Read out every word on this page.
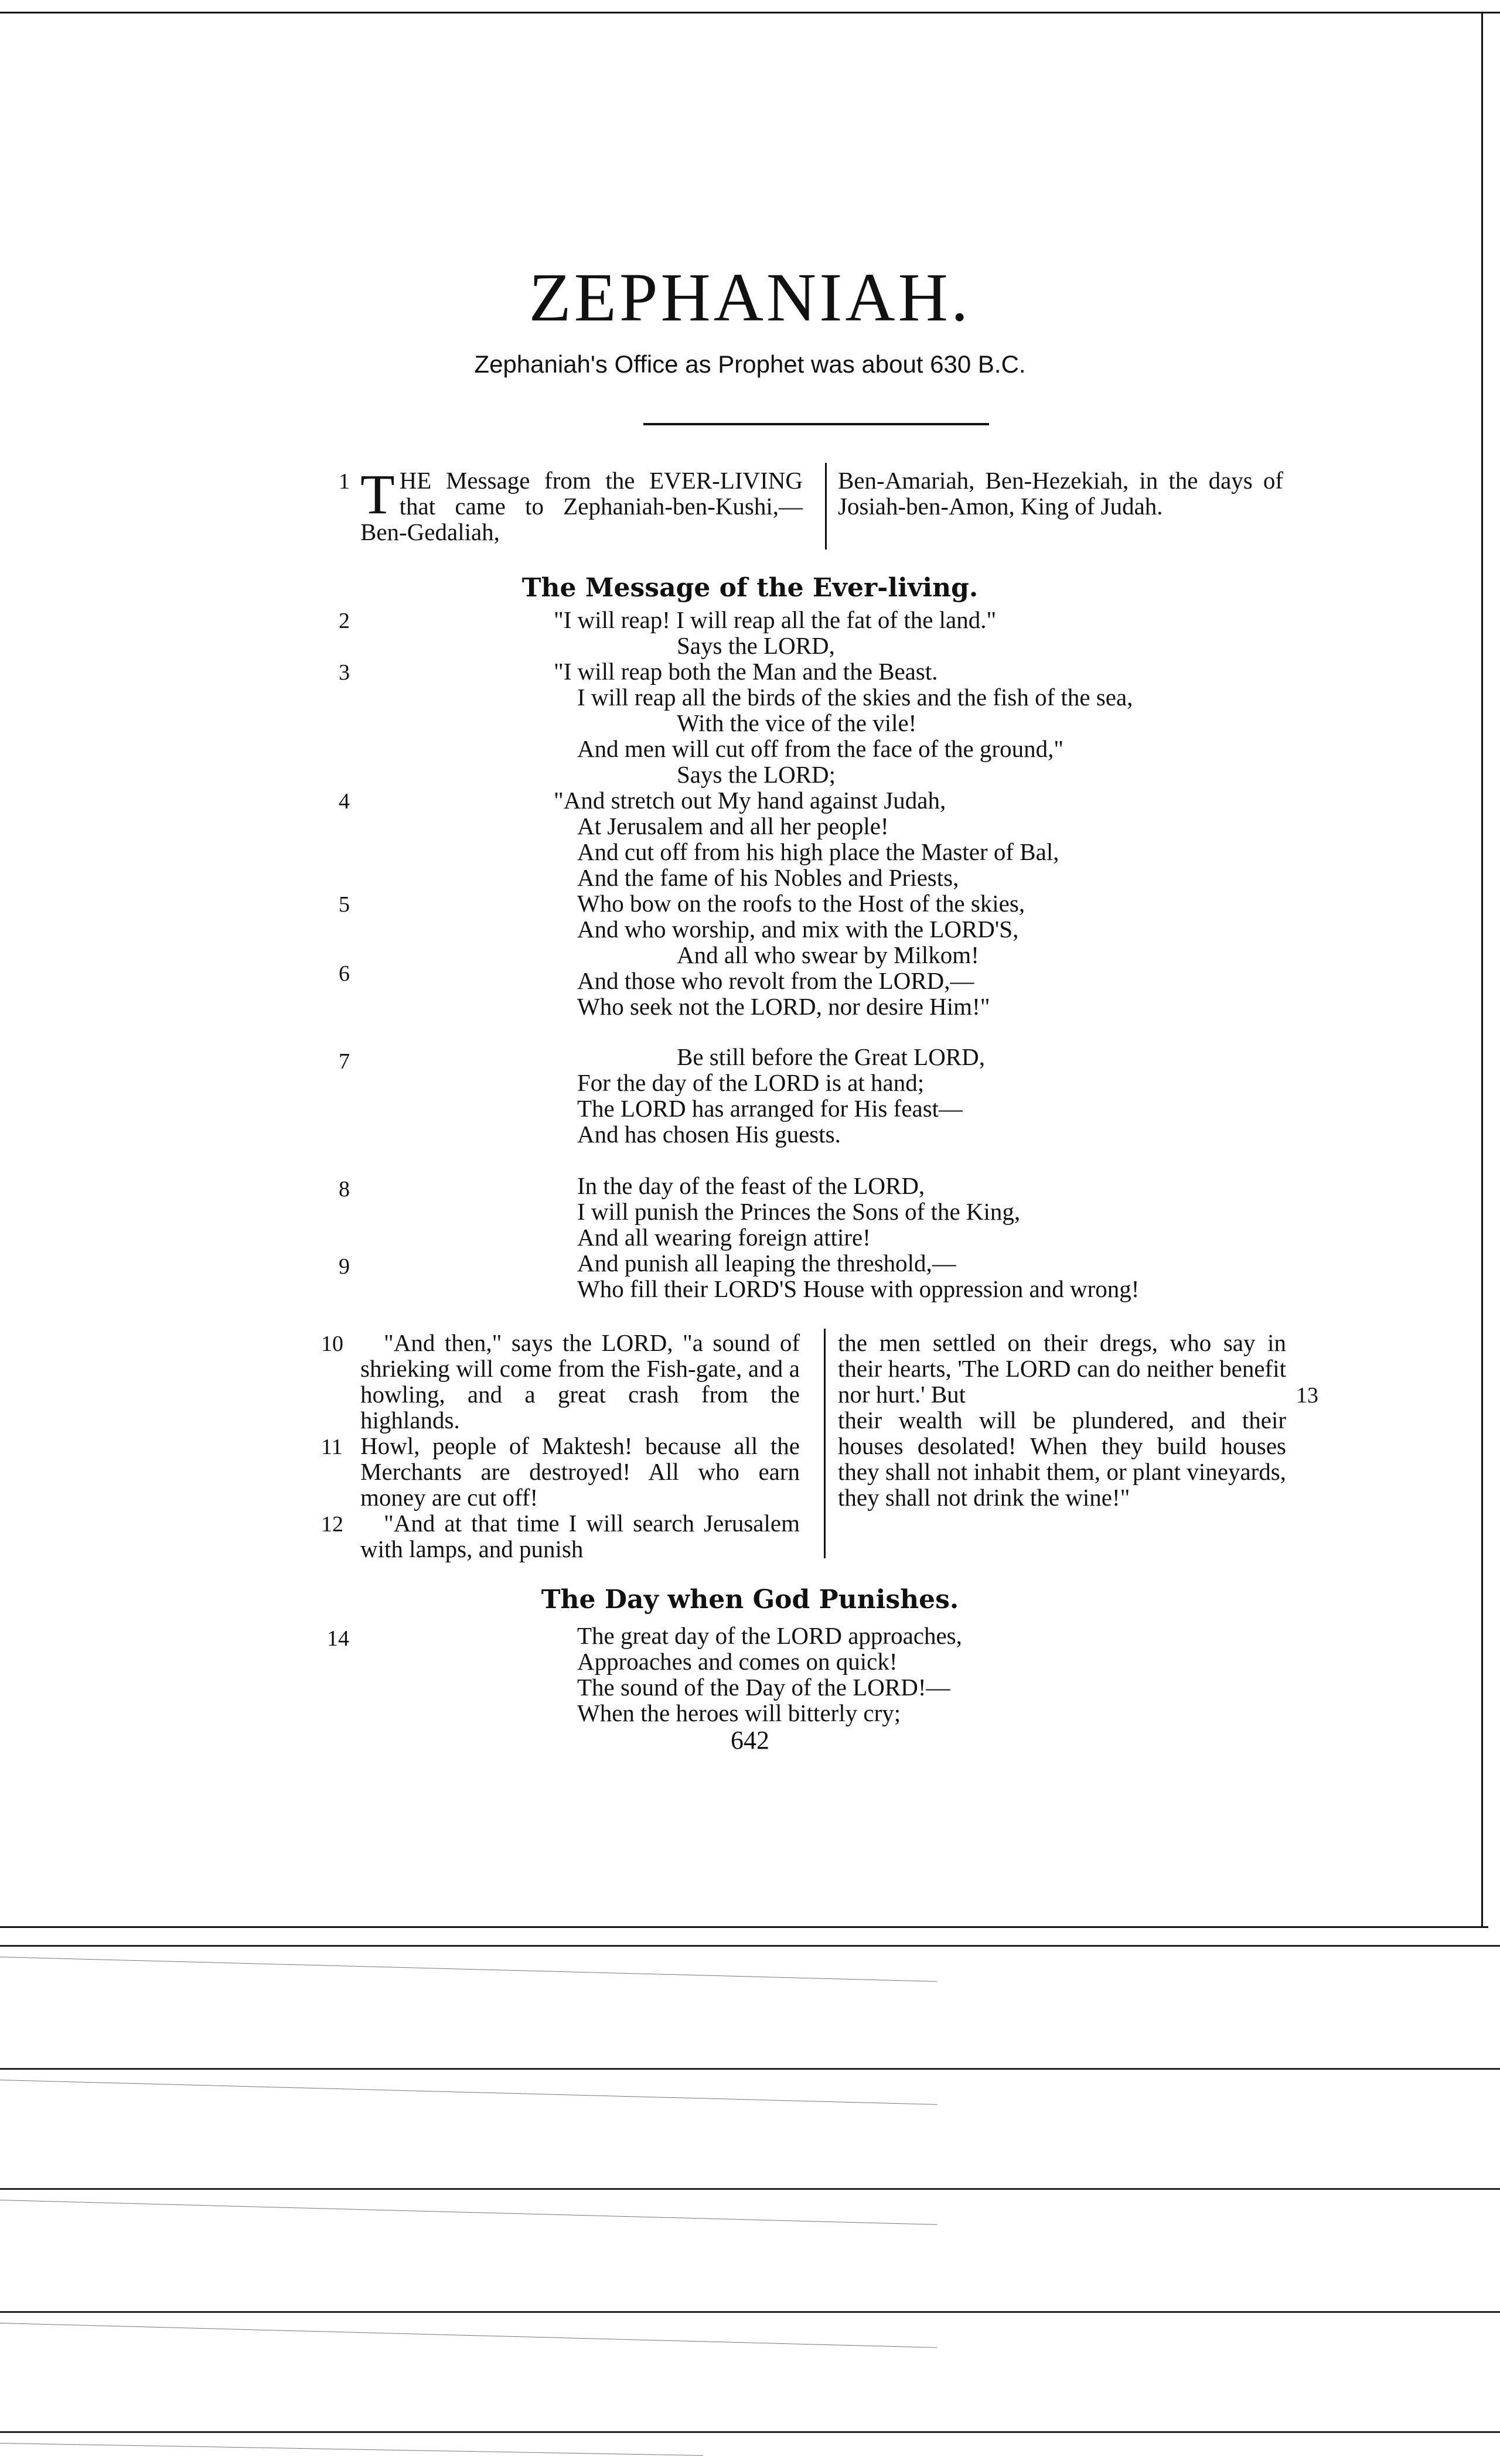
ZEPHANIAH.
Zephaniah's Office as Prophet was about 630 B.C.
1 T HE Message from the EVER-LIVING that came to Zephaniah-ben-Kushi,—Ben-Gedaliah,
Ben-Amariah, Ben-Hezekiah, in the days of Josiah-ben-Amon, King of Judah.
The Message of the Ever-living.
2
3
4
5
6
"I will reap! I will reap all the fat of the land."
Says the LORD,
"I will reap both the Man and the Beast.
I will reap all the birds of the skies and the fish of the sea,
With the vice of the vile!
And men will cut off from the face of the ground,"
Says the LORD;
"And stretch out My hand against Judah,
At Jerusalem and all her people!
And cut off from his high place the Master of Bal,
And the fame of his Nobles and Priests,
Who bow on the roofs to the Host of the skies,
And who worship, and mix with the LORD'S,
And all who swear by Milkom!
And those who revolt from the LORD,—
Who seek not the LORD, nor desire Him!"
7	Be still before the Great LORD,
For the day of the LORD is at hand;
The LORD has arranged for His feast—
And has chosen His guests.
8
9
In the day of the feast of the LORD,
I will punish the Princes the Sons of the King,
And all wearing foreign attire!
And punish all leaping the threshold,—
Who fill their LORD'S House with oppression and wrong!
10
11
12
"And then," says the LORD, "a sound of shrieking will come from the Fish-gate, and a howling, and a great crash from the highlands.
Howl, people of Maktesh! because all the Merchants are destroyed! All who earn money are cut off!
"And at that time I will search Jerusalem with lamps, and punish
the men settled on their dregs, who say in their hearts, 'The LORD can do neither benefit nor hurt.' But
their wealth will be plundered, and their houses desolated! When they build houses they shall not inhabit them, or plant vineyards, they shall not drink the wine!"
13
The Day when God Punishes.
14	The great day of the LORD approaches,
Approaches and comes on quick!
The sound of the Day of the LORD!—
When the heroes will bitterly cry;
642
